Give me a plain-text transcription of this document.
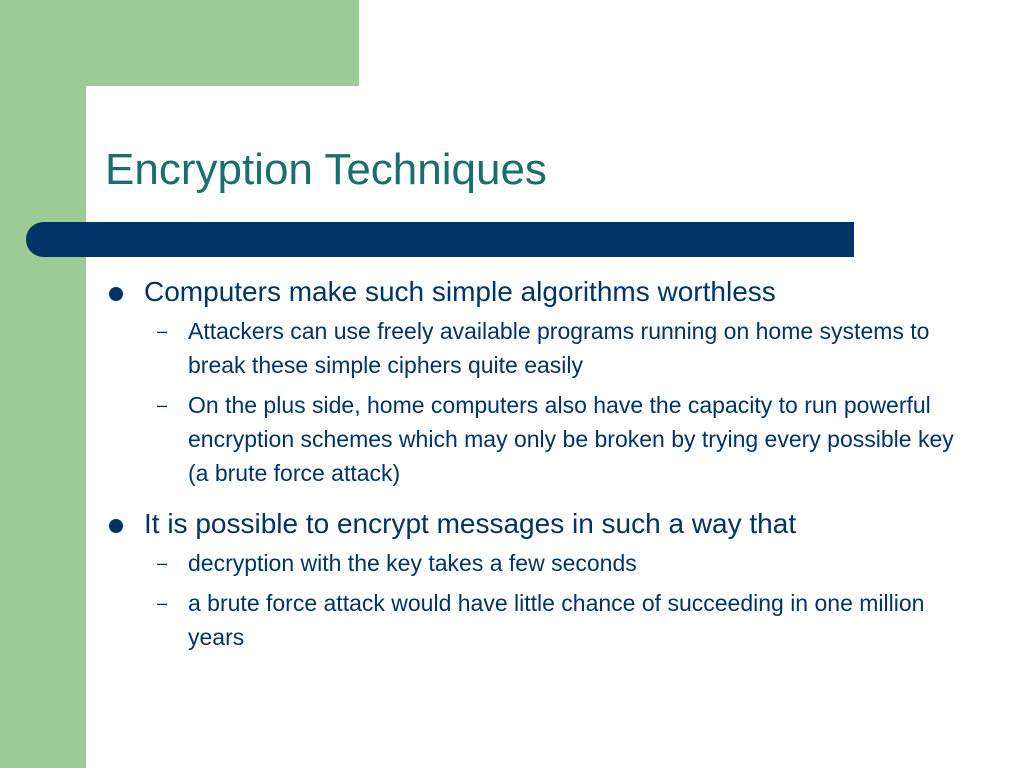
Encryption Techniques
Computers make such simple algorithms worthless
– Attackers can use freely available programs running on home systems to break these simple ciphers quite easily
– On the plus side, home computers also have the capacity to run powerful encryption schemes which may only be broken by trying every possible key (a brute force attack)
It is possible to encrypt messages in such a way that
– decryption with the key takes a few seconds
– a brute force attack would have little chance of succeeding in one million years
